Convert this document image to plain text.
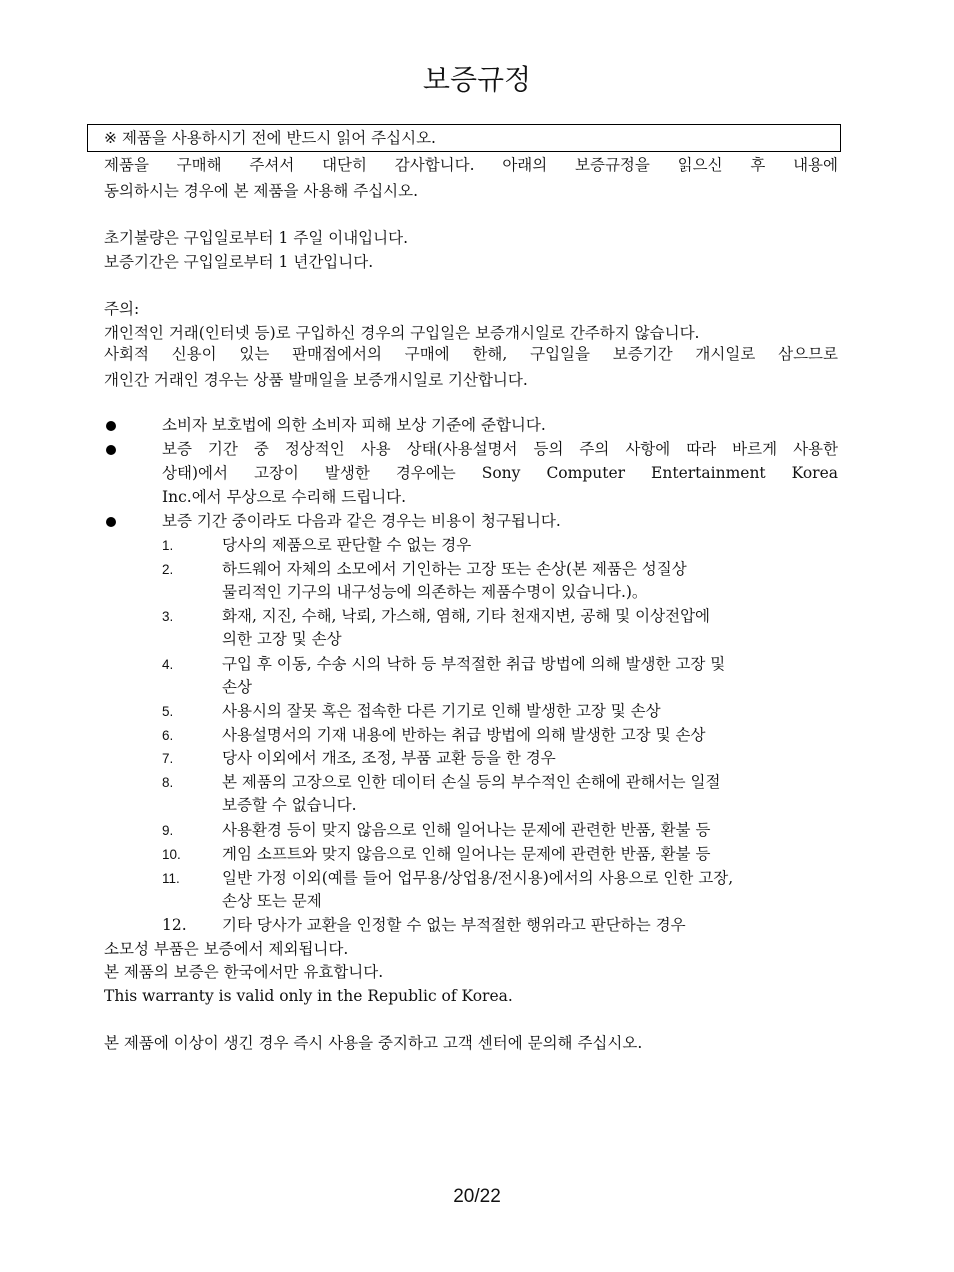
보증규정
※ 제품을 사용하시기 전에 반드시 읽어 주십시오.
제품을 구매해 주셔서 대단히 감사합니다. 아래의 보증규정을 읽으신 후 내용에
동의하시는 경우에 본 제품을 사용해 주십시오.
초기불량은 구입일로부터 1 주일 이내입니다.
보증기간은 구입일로부터 1 년간입니다.
주의:
개인적인 거래(인터넷 등)로 구입하신 경우의 구입일은 보증개시일로 간주하지 않습니다.
사회적 신용이 있는 판매점에서의 구매에 한해, 구입일을 보증기간 개시일로 삼으므로
개인간 거래인 경우는 상품 발매일을 보증개시일로 기산합니다.
소비자 보호법에 의한 소비자 피해 보상 기준에 준합니다.
보증 기간 중 정상적인 사용 상태(사용설명서 등의 주의 사항에 따라 바르게 사용한
상태)에서 고장이 발생한 경우에는 Sony Computer Entertainment Korea
Inc.에서 무상으로 수리해 드립니다.
보증 기간 중이라도 다음과 같은 경우는 비용이 청구됩니다.
1.	당사의 제품으로 판단할 수 없는 경우
2.	하드웨어 자체의 소모에서 기인하는 고장 또는 손상(본 제품은 성질상
물리적인 기구의 내구성능에 의존하는 제품수명이 있습니다.)。
3.	화재, 지진, 수해, 낙뢰, 가스해, 염해, 기타 천재지변, 공해 및 이상전압에
의한 고장 및 손상
4.	구입 후 이동, 수송 시의 낙하 등 부적절한 취급 방법에 의해 발생한 고장 및
손상
5.	사용시의 잘못 혹은 접속한 다른 기기로 인해 발생한 고장 및 손상
6.	사용설명서의 기재 내용에 반하는 취급 방법에 의해 발생한 고장 및 손상
7.	당사 이외에서 개조, 조정, 부품 교환 등을 한 경우
8.	본 제품의 고장으로 인한 데이터 손실 등의 부수적인 손해에 관해서는 일절
보증할 수 없습니다.
9.	사용환경 등이 맞지 않음으로 인해 일어나는 문제에 관련한 반품, 환불 등
10.	게임 소프트와 맞지 않음으로 인해 일어나는 문제에 관련한 반품, 환불 등
11.	일반 가정 이외(예를 들어 업무용/상업용/전시용)에서의 사용으로 인한 고장,
손상 또는 문제
12. 기타 당사가 교환을 인정할 수 없는 부적절한 행위라고 판단하는 경우
소모성 부품은 보증에서 제외됩니다.
본 제품의 보증은 한국에서만 유효합니다.
This warranty is valid only in the Republic of Korea.
본 제품에 이상이 생긴 경우 즉시 사용을 중지하고 고객 센터에 문의해 주십시오.
20/22
